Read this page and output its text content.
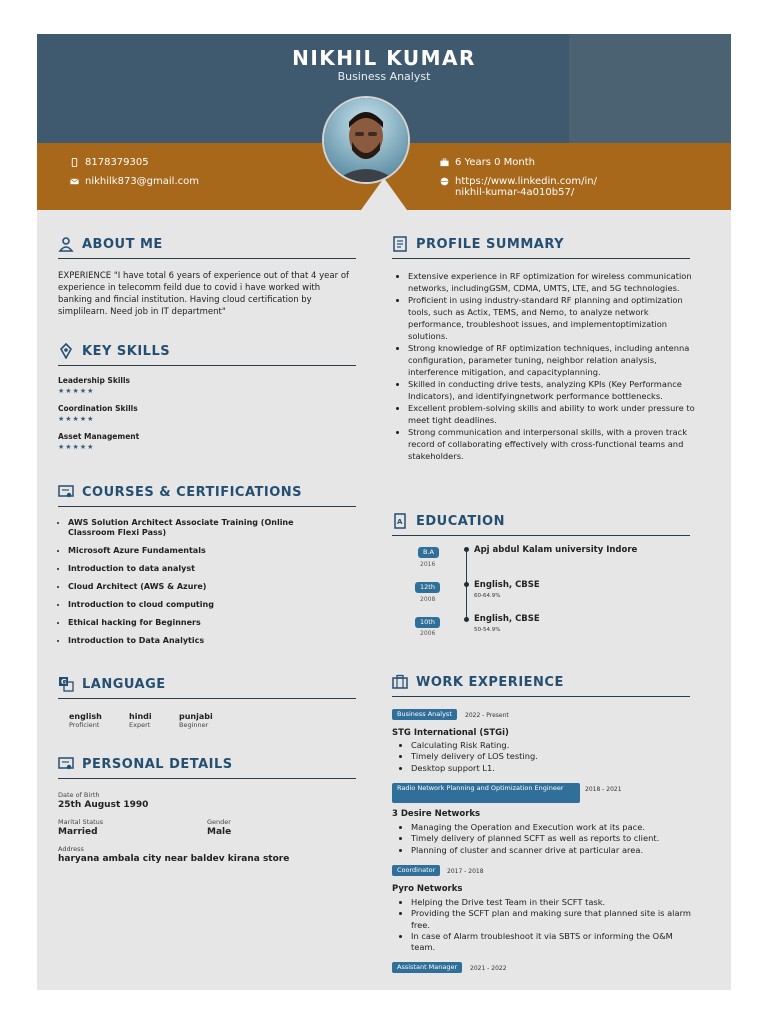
NIKHIL KUMAR
Business Analyst
8178379305
nikhilk873@gmail.com
6 Years 0 Month
https://www.linkedin.com/in/
nikhil-kumar-4a010b57/
ABOUT ME
EXPERIENCE "I have total 6 years of experience out of that 4 year of experience in telecomm feild due to covid i have worked with banking and fincial institution. Having cloud certification by simplilearn. Need job in IT department"
KEY SKILLS
Leadership Skills
★★★★★
Coordination Skills
★★★★★
Asset Management
★★★★★
COURSES & CERTIFICATIONS
• AWS Solution Architect Associate Training (Online Classroom Flexi Pass)
• Microsoft Azure Fundamentals
• Introduction to data analyst
• Cloud Architect (AWS & Azure)
• Introduction to cloud computing
• Ethical hacking for Beginners
• Introduction to Data Analytics
G LANGUAGE
english
Proficient
hindi
Expert
punjabi
Beginner
PERSONAL DETAILS
Date of Birth
25th August 1990
Marital Status
Married
Gender
Male
Address
haryana ambala city near baldev kirana store
PROFILE SUMMARY
• Extensive experience in RF optimization for wireless communication networks, includingGSM, CDMA, UMTS, LTE, and 5G technologies.
• Proficient in using industry-standard RF planning and optimization tools, such as Actix, TEMS, and Nemo, to analyze network performance, troubleshoot issues, and implementoptimization solutions.
• Strong knowledge of RF optimization techniques, including antenna configuration, parameter tuning, neighbor relation analysis, interference mitigation, and capacityplanning.
• Skilled in conducting drive tests, analyzing KPIs (Key Performance Indicators), and identifyingnetwork performance bottlenecks.
• Excellent problem-solving skills and ability to work under pressure to meet tight deadlines.
• Strong communication and interpersonal skills, with a proven track record of collaborating effectively with cross-functional teams and stakeholders.
A EDUCATION
B.A
2016
Apj abdul Kalam university Indore
12th
2008
English, CBSE
60-64.9%
10th
2006
English, CBSE
50-54.9%
WORK EXPERIENCE
Business Analyst	2022 - Present
STG International (STGi)
• Calculating Risk Rating.
• Timely delivery of LOS testing.
• Desktop support L1.
Radio Network Planning and Optimization Engineer	2018 - 2021
3 Desire Networks
• Managing the Operation and Execution work at its pace.
• Timely delivery of planned SCFT as well as reports to client.
• Planning of cluster and scanner drive at particular area.
Coordinator	2017 - 2018
Pyro Networks
• Helping the Drive test Team in their SCFT task.
• Providing the SCFT plan and making sure that planned site is alarm free.
• In case of Alarm troubleshoot it via SBTS or informing the O&M team.
Assistant Manager	2021 - 2022
